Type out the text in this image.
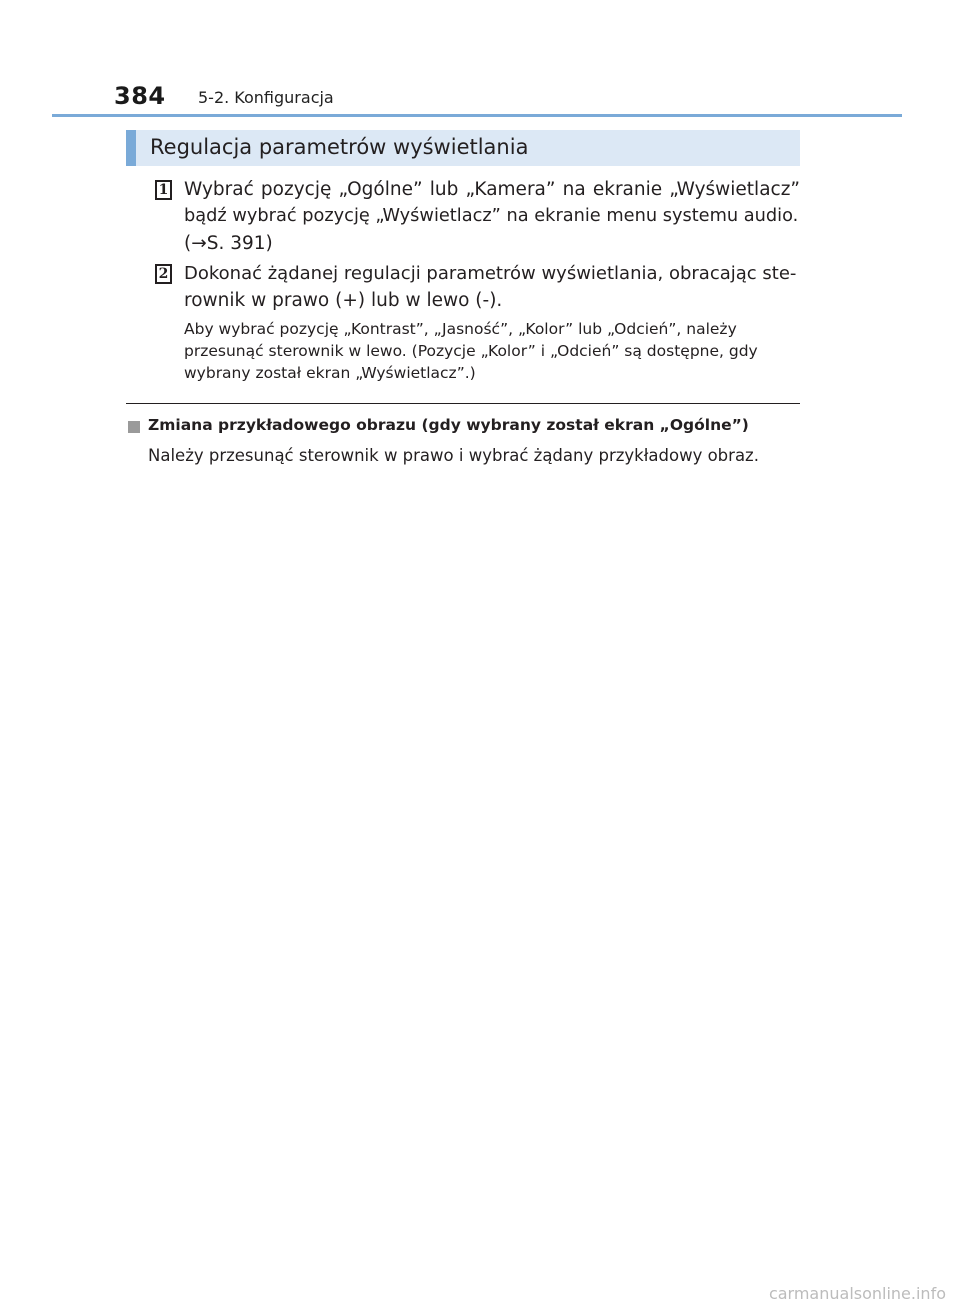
384 5-2. Konfiguracja
Regulacja parametrów wyświetlania
1 Wybrać pozycję „Ogólne” lub „Kamera” na ekranie „Wyświetlacz”
bądź wybrać pozycję „Wyświetlacz” na ekranie menu systemu audio.
(→S. 391)
2 Dokonać żądanej regulacji parametrów wyświetlania, obracając ste-
rownik w prawo (+) lub w lewo (-).
Aby wybrać pozycję „Kontrast”, „Jasność”, „Kolor” lub „Odcień”, należy
przesunąć sterownik w lewo. (Pozycje „Kolor” i „Odcień” są dostępne, gdy
wybrany został ekran „Wyświetlacz”.)
Zmiana przykładowego obrazu (gdy wybrany został ekran „Ogólne”)
Należy przesunąć sterownik w prawo i wybrać żądany przykładowy obraz.
carmanualsonline.info
